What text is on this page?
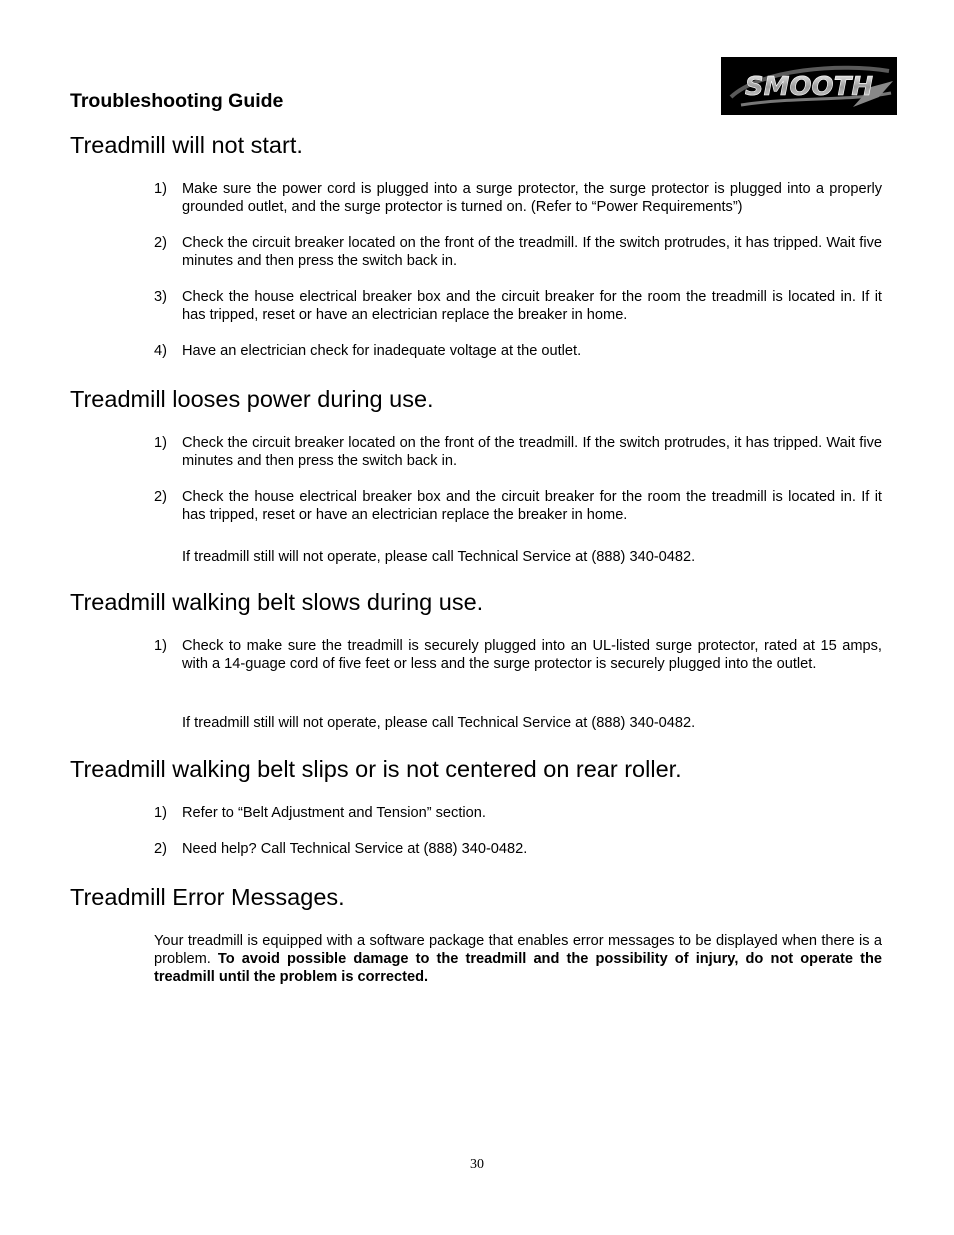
Troubleshooting Guide	SMOOTH
Treadmill will not start.
1) Make sure the power cord is plugged into a surge protector, the surge protector is plugged into a properly grounded outlet, and the surge protector is turned on. (Refer to “Power Requirements”)
2) Check the circuit breaker located on the front of the treadmill. If the switch protrudes, it has tripped. Wait five minutes and then press the switch back in.
3) Check the house electrical breaker box and the circuit breaker for the room the treadmill is located in. If it has tripped, reset or have an electrician replace the breaker in home.
4) Have an electrician check for inadequate voltage at the outlet.
Treadmill looses power during use.
1) Check the circuit breaker located on the front of the treadmill. If the switch protrudes, it has tripped. Wait five minutes and then press the switch back in.
2) Check the house electrical breaker box and the circuit breaker for the room the treadmill is located in. If it has tripped, reset or have an electrician replace the breaker in home.
If treadmill still will not operate, please call Technical Service at (888) 340-0482.
Treadmill walking belt slows during use.
1) Check to make sure the treadmill is securely plugged into an UL-listed surge protector, rated at 15 amps, with a 14-guage cord of five feet or less and the surge protector is securely plugged into the outlet.
If treadmill still will not operate, please call Technical Service at (888) 340-0482.
Treadmill walking belt slips or is not centered on rear roller.
1) Refer to “Belt Adjustment and Tension” section.
2) Need help? Call Technical Service at (888) 340-0482.
Treadmill Error Messages.
Your treadmill is equipped with a software package that enables error messages to be displayed when there is a problem. To avoid possible damage to the treadmill and the possibility of injury, do not operate the treadmill until the problem is corrected.
30
